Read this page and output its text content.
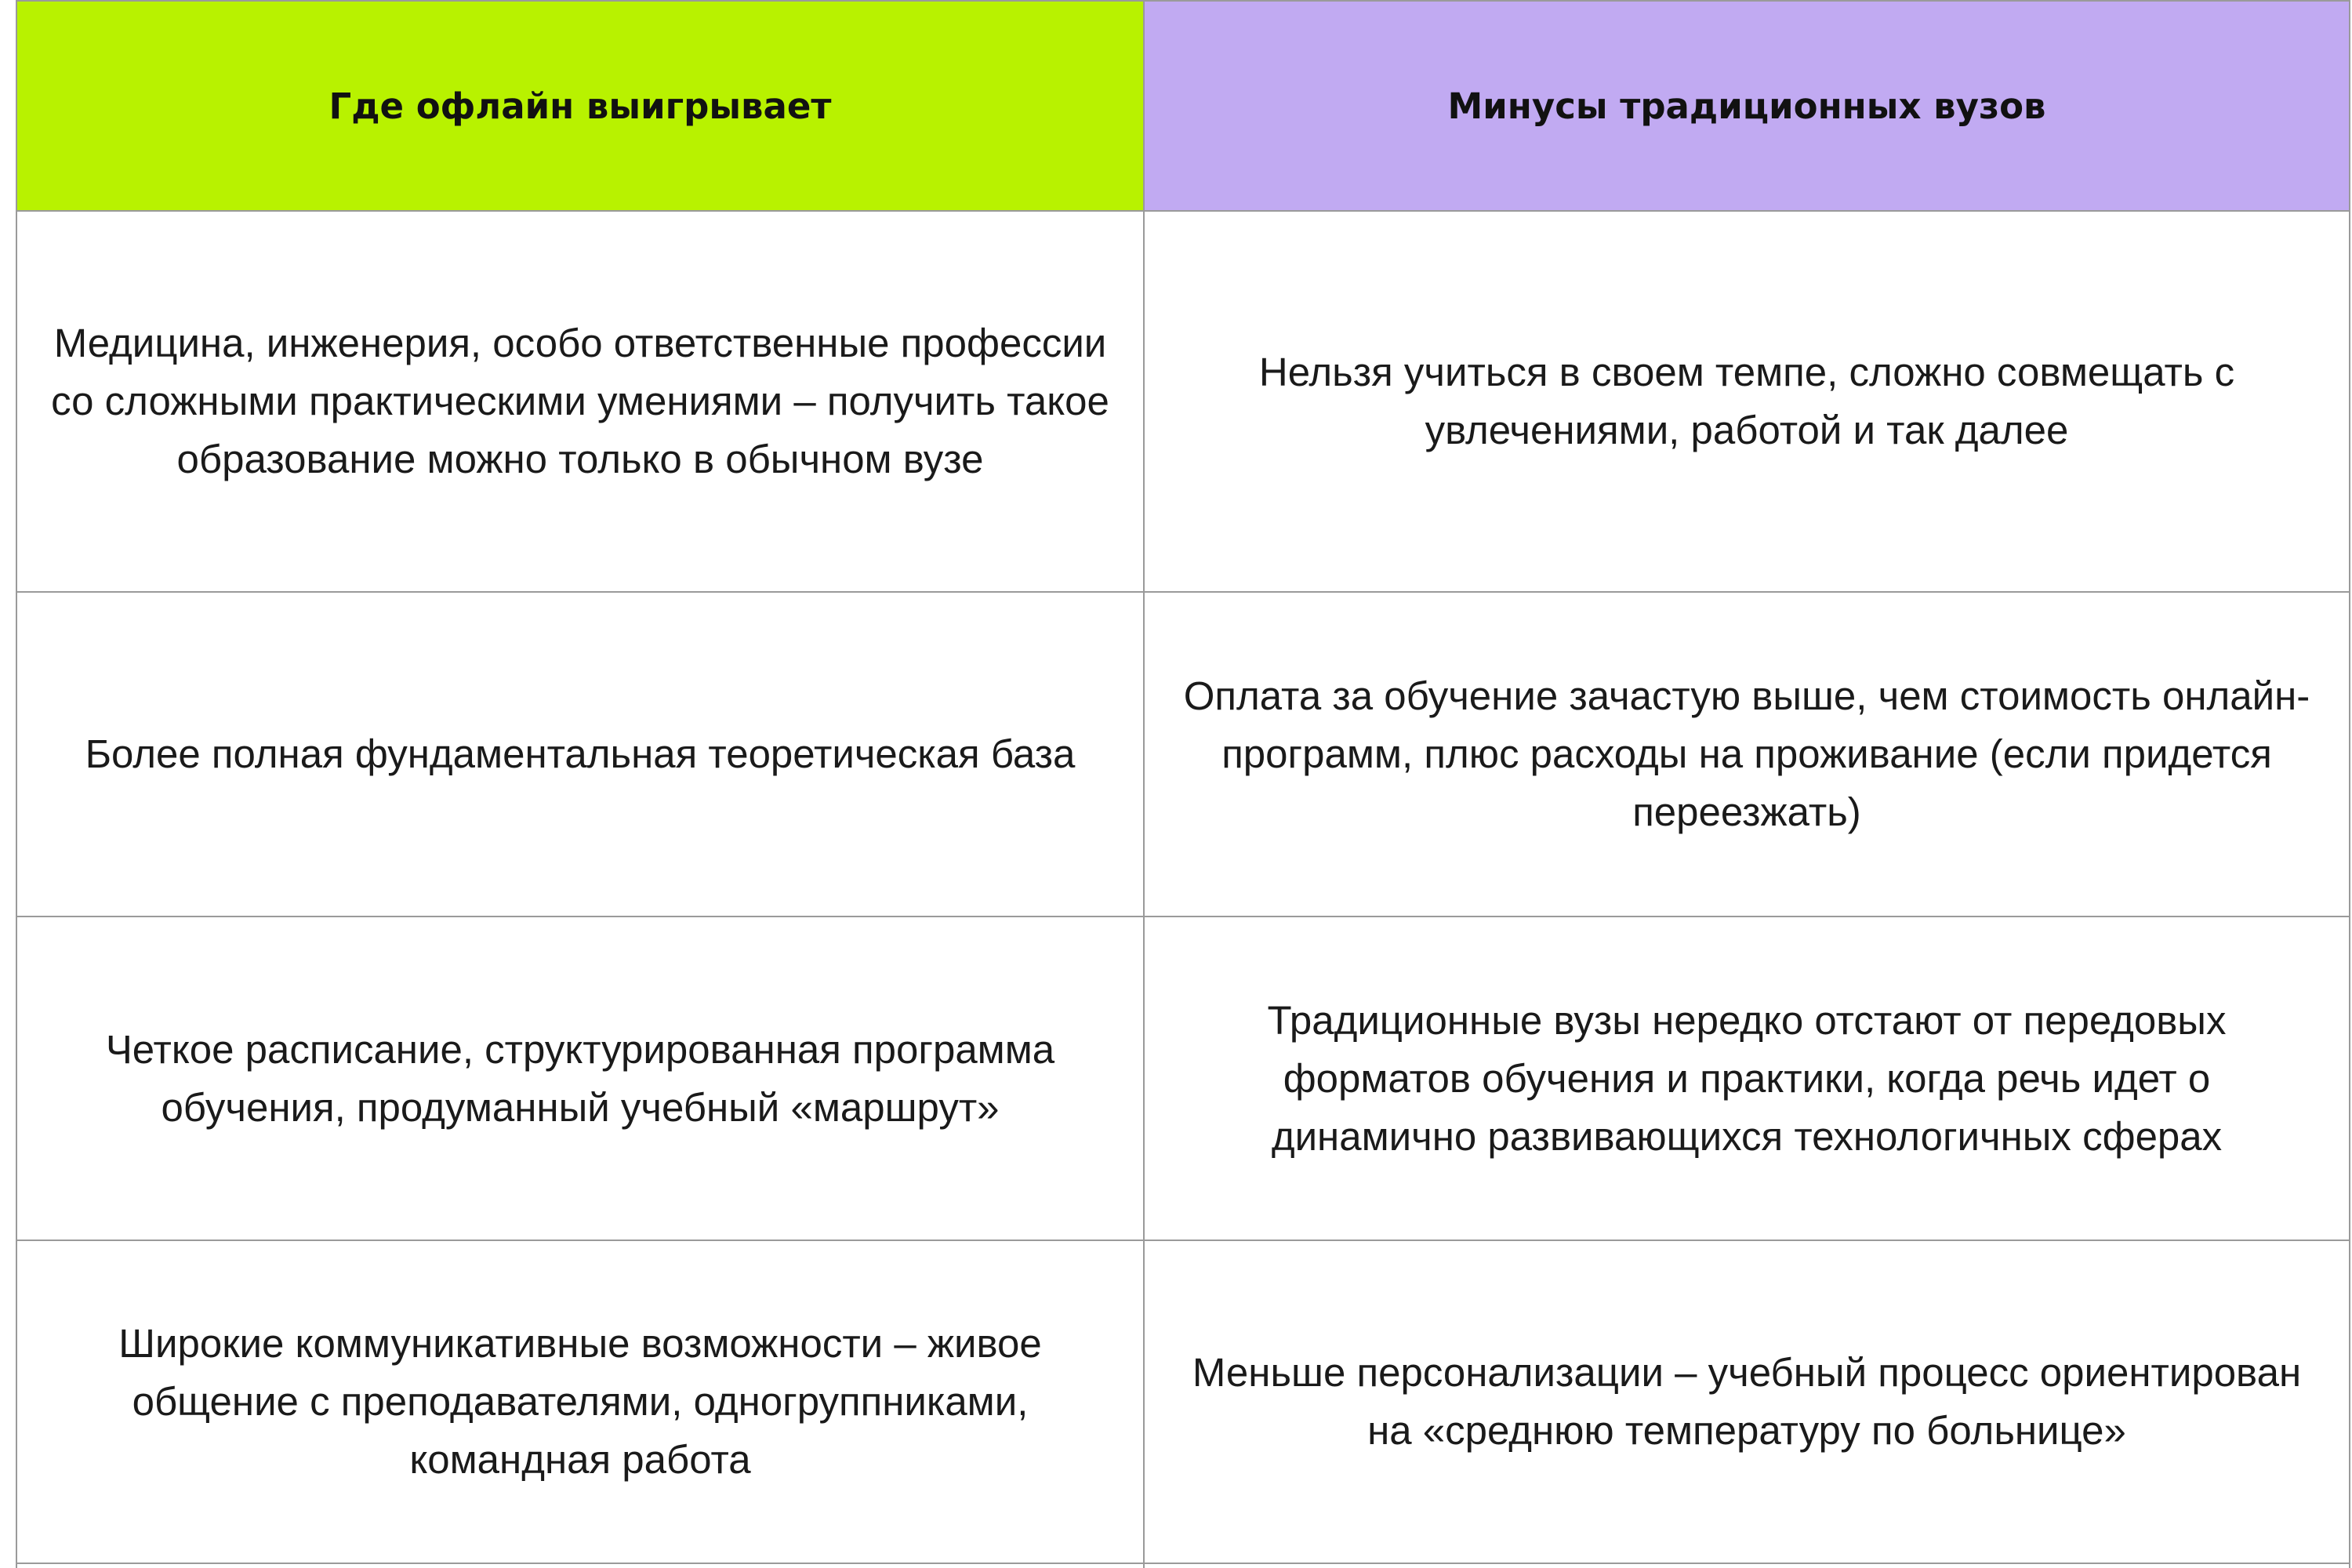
Где офлайн выигрывает	Минусы традиционных вузов
Медицина, инженерия, особо ответственные профессии со сложными практическими умениями – получить такое образование можно только в обычном вузе
Нельзя учиться в своем темпе, сложно совмещать с увлечениями, работой и так далее
Более полная фундаментальная теоретическая база
Оплата за обучение зачастую выше, чем стоимость онлайн-программ, плюс расходы на проживание (если придется переезжать)
Четкое расписание, структурированная программа обучения, продуманный учебный «маршрут»
Традиционные вузы нередко отстают от передовых форматов обучения и практики, когда речь идет о динамично развивающихся технологичных сферах
Широкие коммуникативные возможности – живое общение с преподавателями, одногруппниками, командная работа
Меньше персонализации – учебный процесс ориентирован на «среднюю температуру по больнице»
